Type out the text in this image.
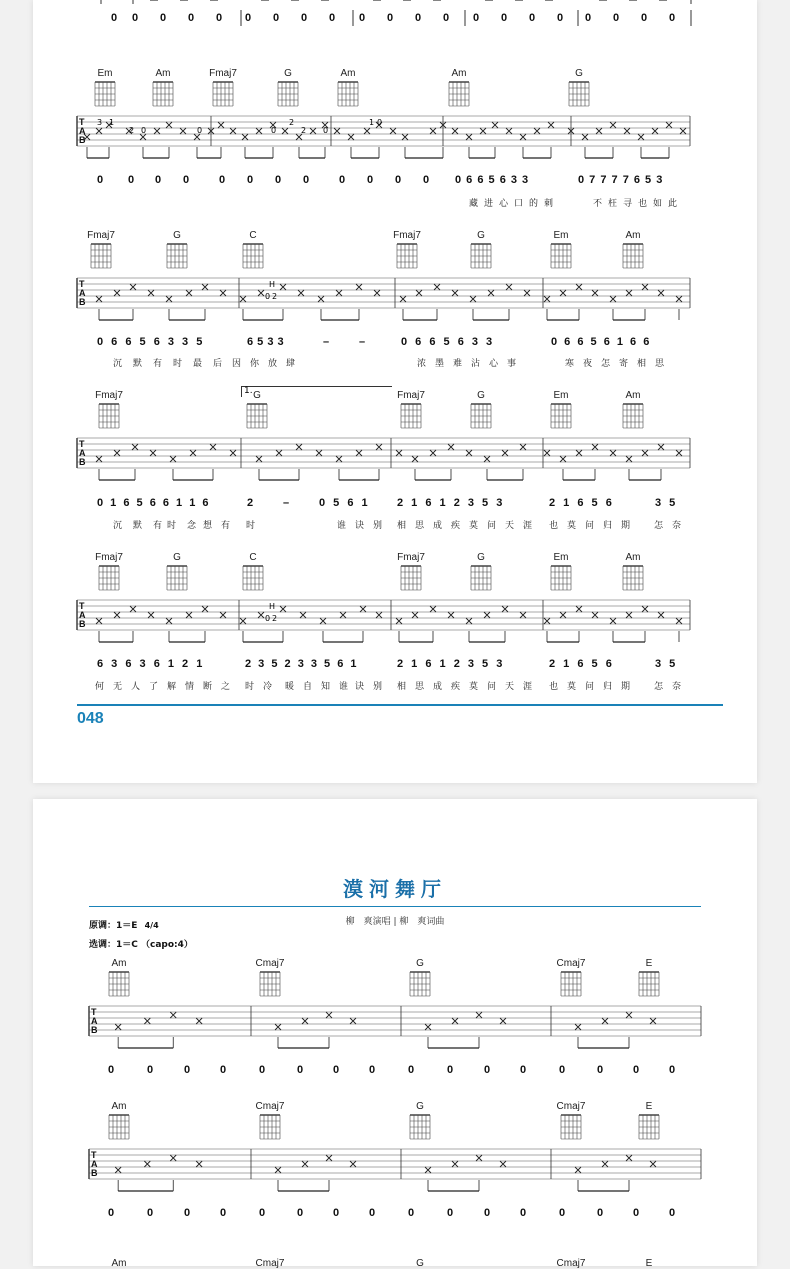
0 0 0 0 0 0 0 0 0 0 0 0 0 0 0 0 0 0 0 0 0
Em	Am	Fmaj7	G	Am	Am	G
T
A
B
0 0 0 0	0 0 0 0	0 0 0 0 0 6 6 5 6 3 3	0 7 7 7 7 6 5 3
藏 进 心 口 的 刺	不 枉 寻 也 如 此
3 1
2 0	0	0
2
2 0
1 0
Fmaj7	G	C	Fmaj7	G	Em	Am
T
A
B
H
0 2
0 6 6 5 6 3 3 5	6 5 3 3	–	–	0 6 6 5 6 3 3	0 6 6 5 6 1 6 6
沉 默 有 时 最 后 因 你 放 肆	浓 墨 难 沾 心 事	寒 夜 怎 寄 相 思
Fmaj7	1. G	Fmaj7	G	Em	Am
T
A
B
0 1 6 5 6 6 1 1 6	2	–	0 5 6 1	2 1 6 1 2 3 5 3	2 1 6 5 6	3 5
沉 默 有 时 念 想 有 时	谁 诀 别 相 思 成 疾 莫 问 天 涯 也 莫 问 归 期	怎 奈
Fmaj7	G	C	Fmaj7	G	Em	Am
T
A
B
H
0 2
6 3 6 3 6 1 2 1	2 3 5 2 3 3 5 6 1	2 1 6 1 2 3 5 3	2 1 6 5 6	3 5
何 无 人 了 解 情 断 之 时 冷 暖 自 知 谁 诀 别 相 思 成 疾 莫 问 天 涯 也 莫 问 归 期	怎 奈
048
漠河舞厅
柳　爽演唱 | 柳　爽词曲
原调：1＝E 4/4
选调：1＝C （capo:4）
Am	Cmaj7	G	Cmaj7	E
T
A
B
0	0	0	0	0	0	0	0	0	0	0	0	0	0	0	0
Am	Cmaj7	G	Cmaj7	E
T
A
B
0	0	0	0	0	0	0	0	0	0	0	0	0	0	0	0
Am	Cmaj7	G	Cmaj7	E
